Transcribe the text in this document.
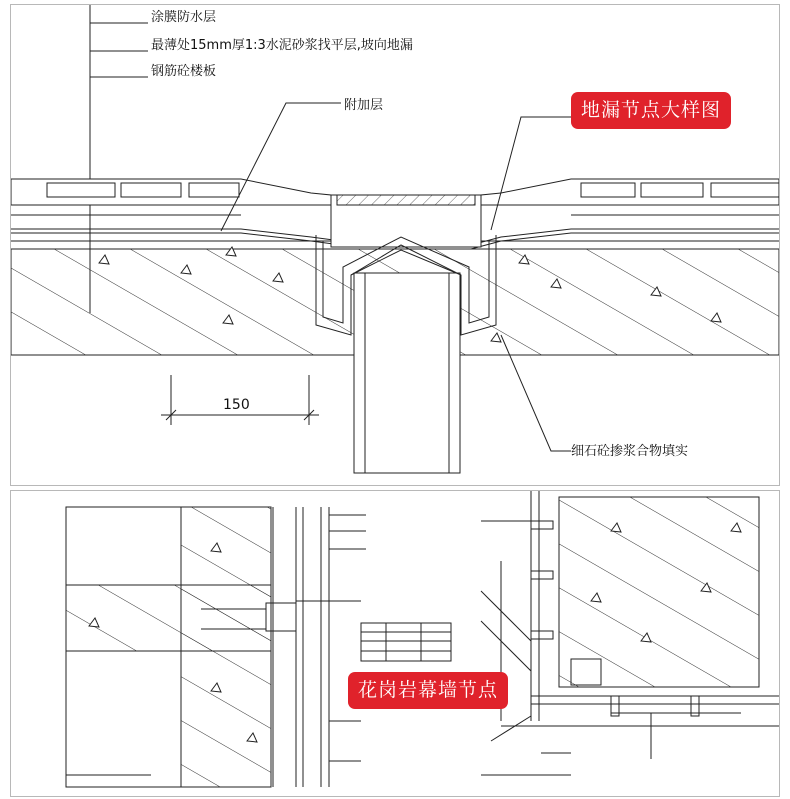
涂膜防水层
最薄处15mm厚1:3水泥砂浆找平层,坡向地漏
钢筋砼楼板
附加层
细石砼掺浆合物填实
150
地漏节点大样图
花岗岩幕墙节点
